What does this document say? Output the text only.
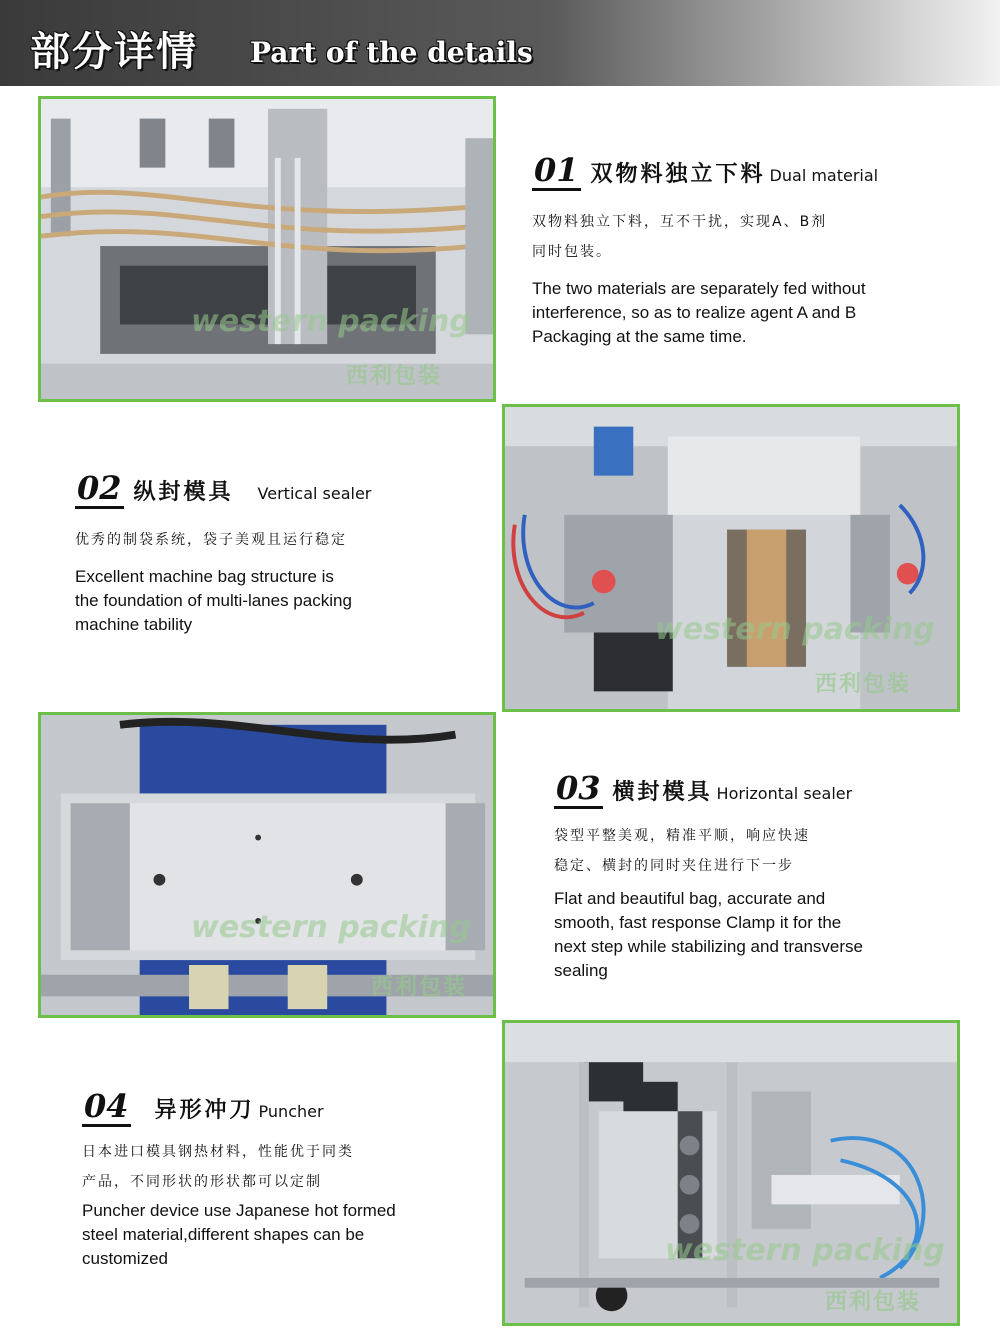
部分详情 Part of the details
western packing
西利包装
01 双物料独立下料 Dual material
双物料独立下料，互不干扰，实现A、B剂
同时包装。
The two materials are separately fed without
interference, so as to realize agent A and B
Packaging at the same time.
western packing
西利包装
02 纵封模具 Vertical sealer
优秀的制袋系统，袋子美观且运行稳定
Excellent machine bag structure is
the foundation of multi-lanes packing
machine tability
western packing
西利包装
03 横封模具 Horizontal sealer
袋型平整美观，精准平顺，响应快速
稳定、横封的同时夹住进行下一步
Flat and beautiful bag, accurate and
smooth, fast response Clamp it for the
next step while stabilizing and transverse
sealing
western packing
西利包装
04 异形冲刀 Puncher
日本进口模具钢热材料，性能优于同类
产品，不同形状的形状都可以定制
Puncher device use Japanese hot formed
steel material,different shapes can be
customized
